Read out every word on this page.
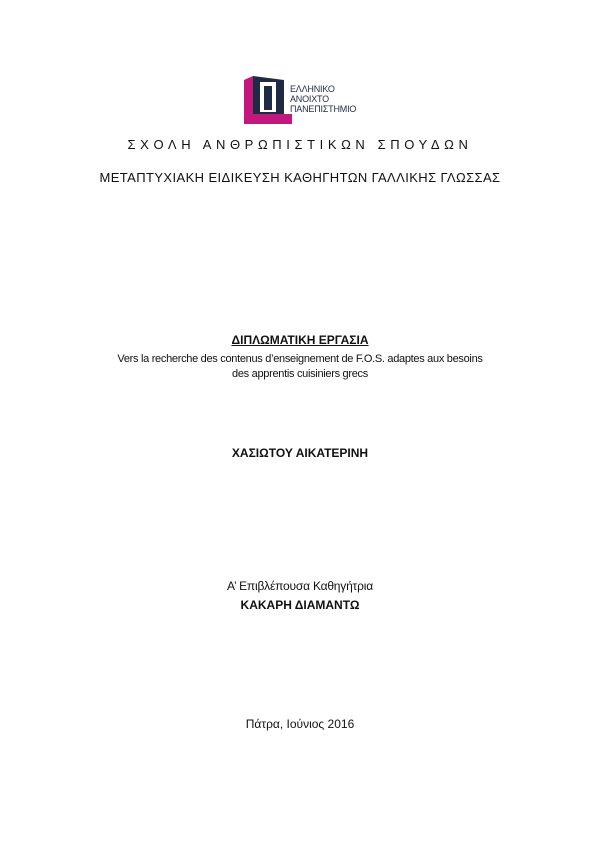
ΕΛΛΗΝΙΚΟ
ΑΝΟΙΧΤΟ
ΠΑΝΕΠΙΣΤΗΜΙΟ
ΣΧΟΛΗ ΑΝΘΡΩΠΙΣΤΙΚΩΝ ΣΠΟΥΔΩΝ
ΜΕΤΑΠΤΥΧΙΑΚΗ ΕΙΔΙΚΕΥΣΗ ΚΑΘΗΓΗΤΩΝ ΓΑΛΛΙΚΗΣ ΓΛΩΣΣΑΣ
ΔΙΠΛΩΜΑΤΙΚΗ ΕΡΓΑΣΙΑ
Vers la recherche des contenus d’enseignement de F.O.S. adaptes aux besoins
des apprentis cuisiniers grecs
ΧΑΣΙΩΤΟΥ ΑΙΚΑΤΕΡΙΝΗ
Α’ Επιβλέπουσα Καθηγήτρια
ΚΑΚΑΡΗ ΔΙΑΜΑΝΤΩ
Πάτρα, Ιούνιος 2016
